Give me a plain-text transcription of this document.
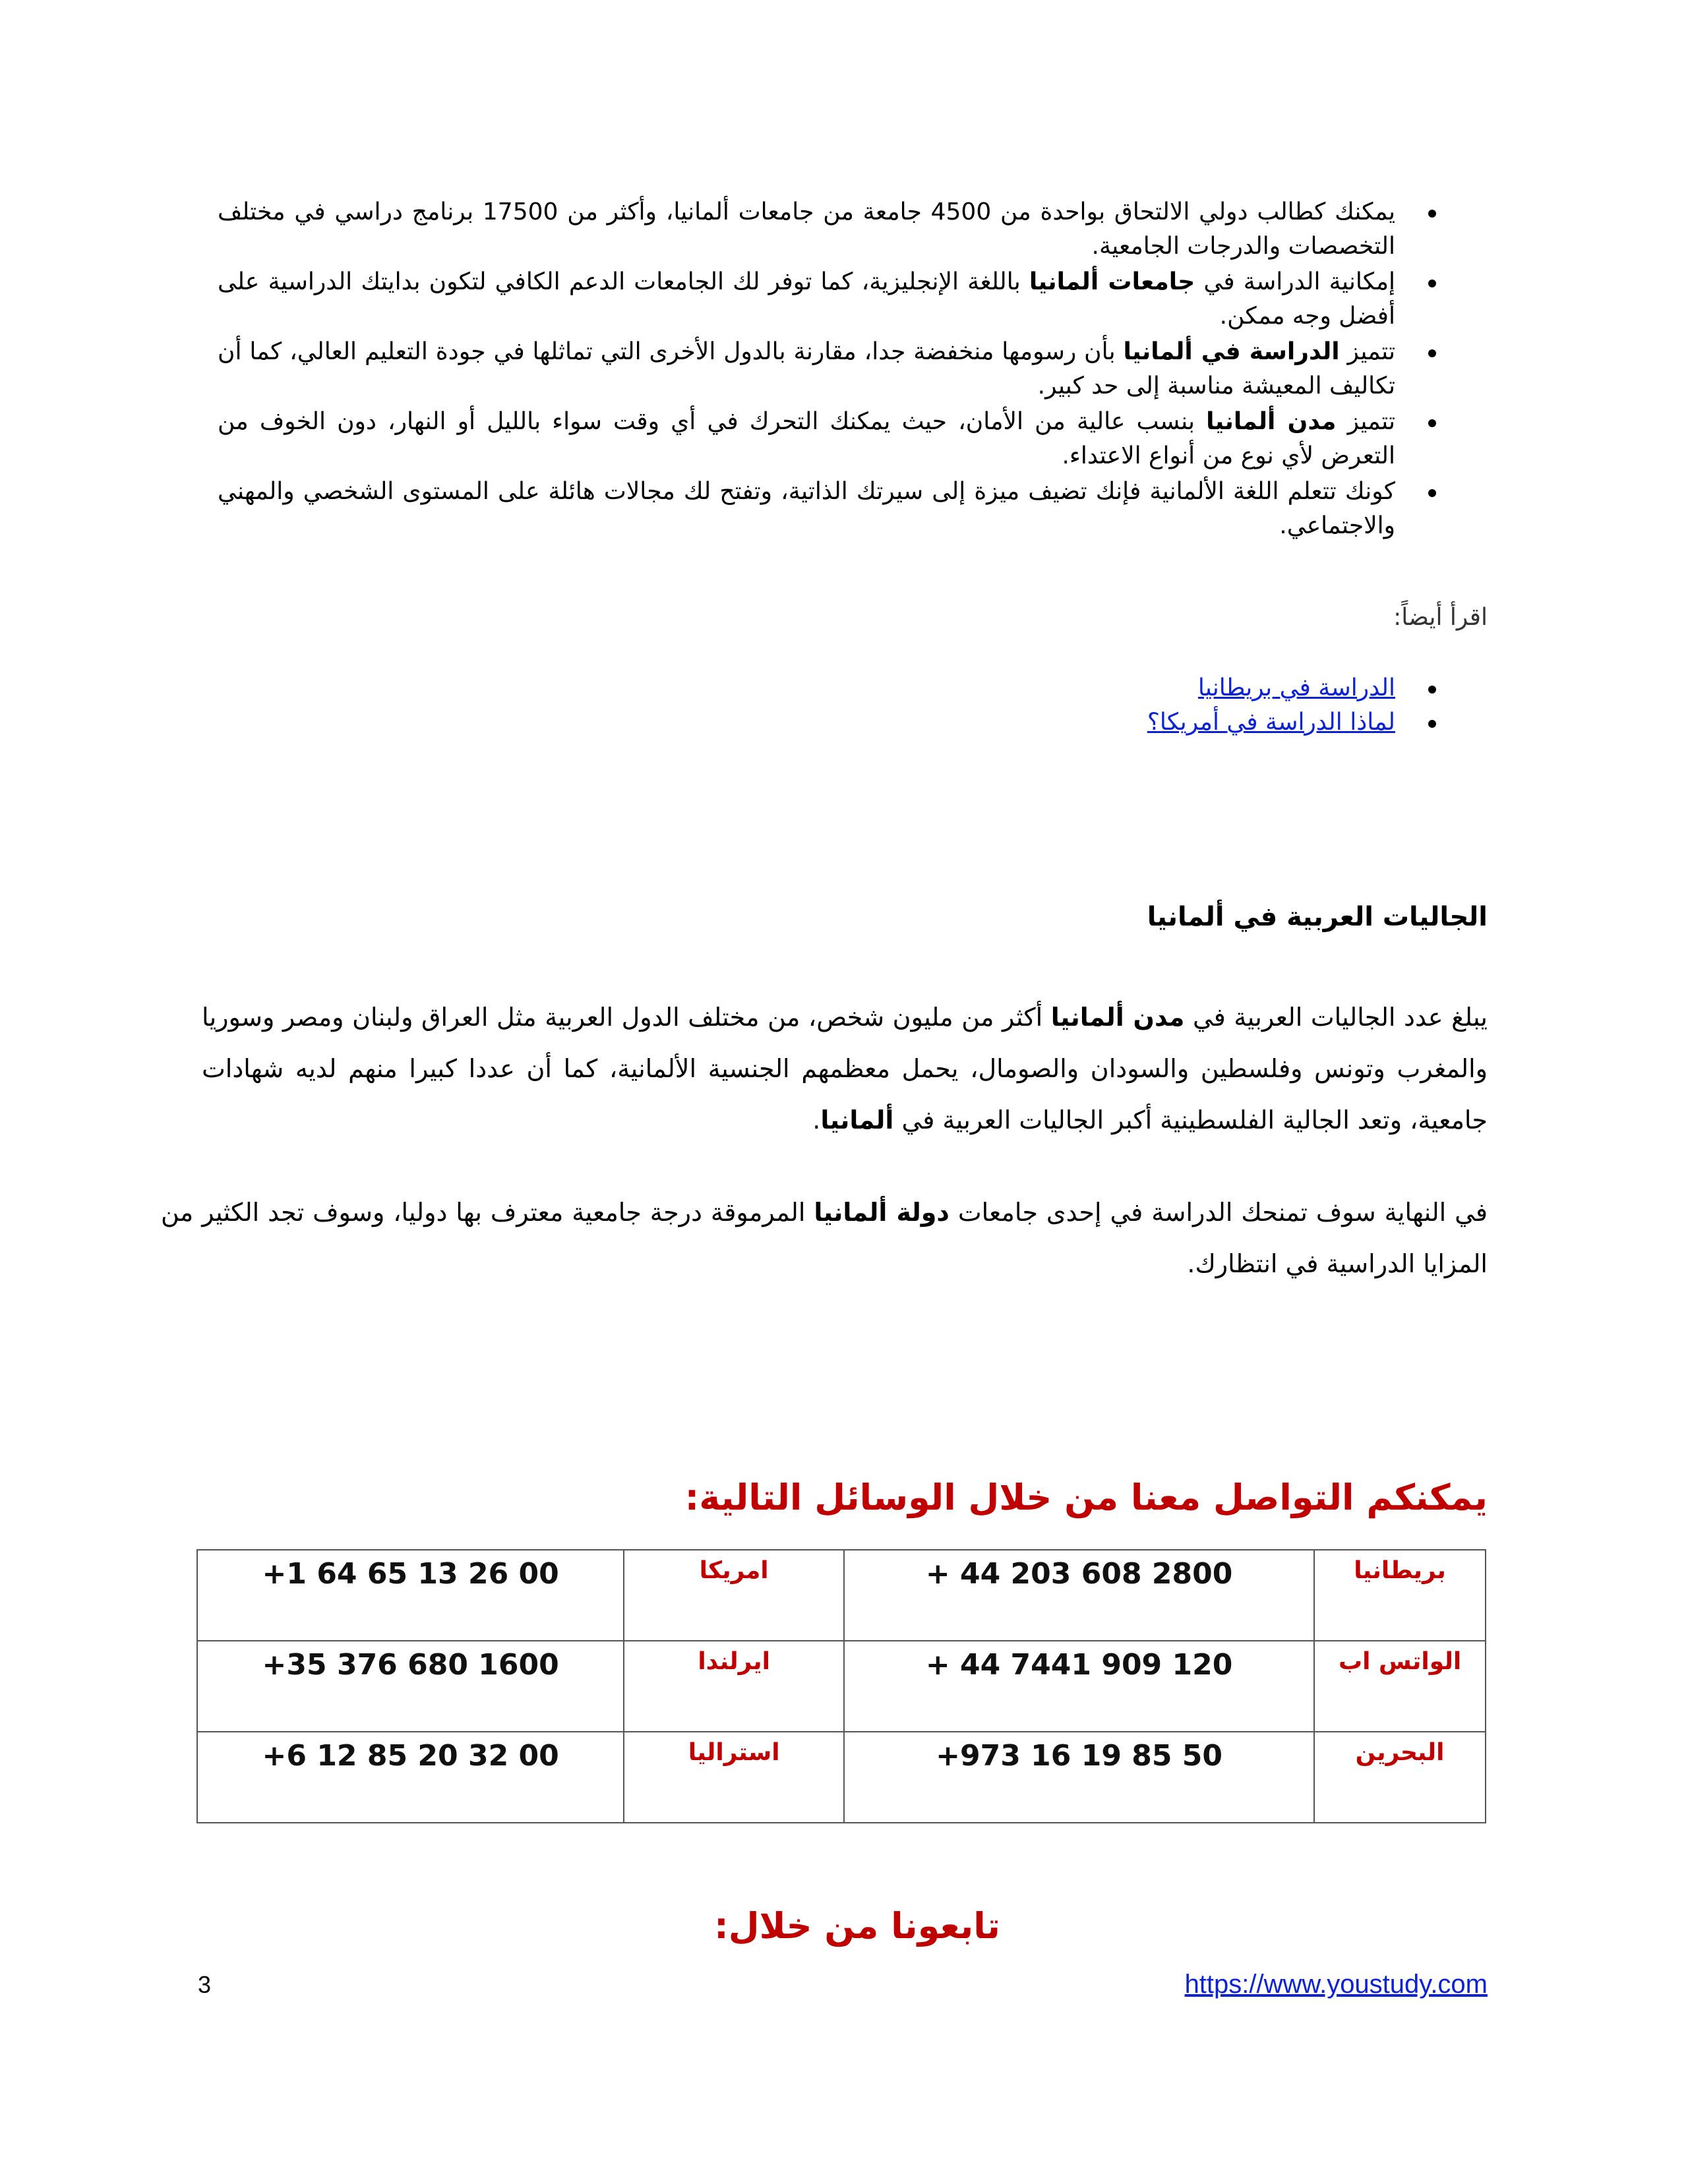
يمكنك كطالب دولي الالتحاق بواحدة من 4500 جامعة من جامعات ألمانيا، وأكثر من 17500 برنامج دراسي في مختلف التخصصات والدرجات الجامعية.
إمكانية الدراسة في جامعات ألمانيا باللغة الإنجليزية، كما توفر لك الجامعات الدعم الكافي لتكون بدايتك الدراسية على أفضل وجه ممكن.
تتميز الدراسة في ألمانيا بأن رسومها منخفضة جدا، مقارنة بالدول الأخرى التي تماثلها في جودة التعليم العالي، كما أن تكاليف المعيشة مناسبة إلى حد كبير.
تتميز مدن ألمانيا بنسب عالية من الأمان، حيث يمكنك التحرك في أي وقت سواء بالليل أو النهار، دون الخوف من التعرض لأي نوع من أنواع الاعتداء.
كونك تتعلم اللغة الألمانية فإنك تضيف ميزة إلى سيرتك الذاتية، وتفتح لك مجالات هائلة على المستوى الشخصي والمهني والاجتماعي.
اقرأ أيضاً:
الدراسة في بريطانيا
لماذا الدراسة في أمريكا؟
الجاليات العربية في ألمانيا

يبلغ عدد الجاليات العربية في مدن ألمانيا أكثر من مليون شخص، من مختلف الدول العربية مثل العراق ولبنان ومصر وسوريا والمغرب وتونس وفلسطين والسودان والصومال، يحمل معظمهم الجنسية الألمانية، كما أن عددا كبيرا منهم لديه شهادات جامعية، وتعد الجالية الفلسطينية أكبر الجاليات العربية في ألمانيا.

في النهاية سوف تمنحك الدراسة في إحدى جامعات دولة ألمانيا المرموقة درجة جامعية معترف بها دوليا، وسوف تجد الكثير من المزايا الدراسية في انتظارك.

يمكنكم التواصل معنا من خلال الوسائل التالية:
بريطانيا	+ 44 203 608 2800	امريكا	+1 64 65 13 26 00
الواتس اب	+ 44 7441 909 120	ايرلندا	+35 376 680 1600
البحرين	+973 16 19 85 50	استراليا	+6 12 85 20 32 00
تابعونا من خلال:
3	https://www.youstudy.com
